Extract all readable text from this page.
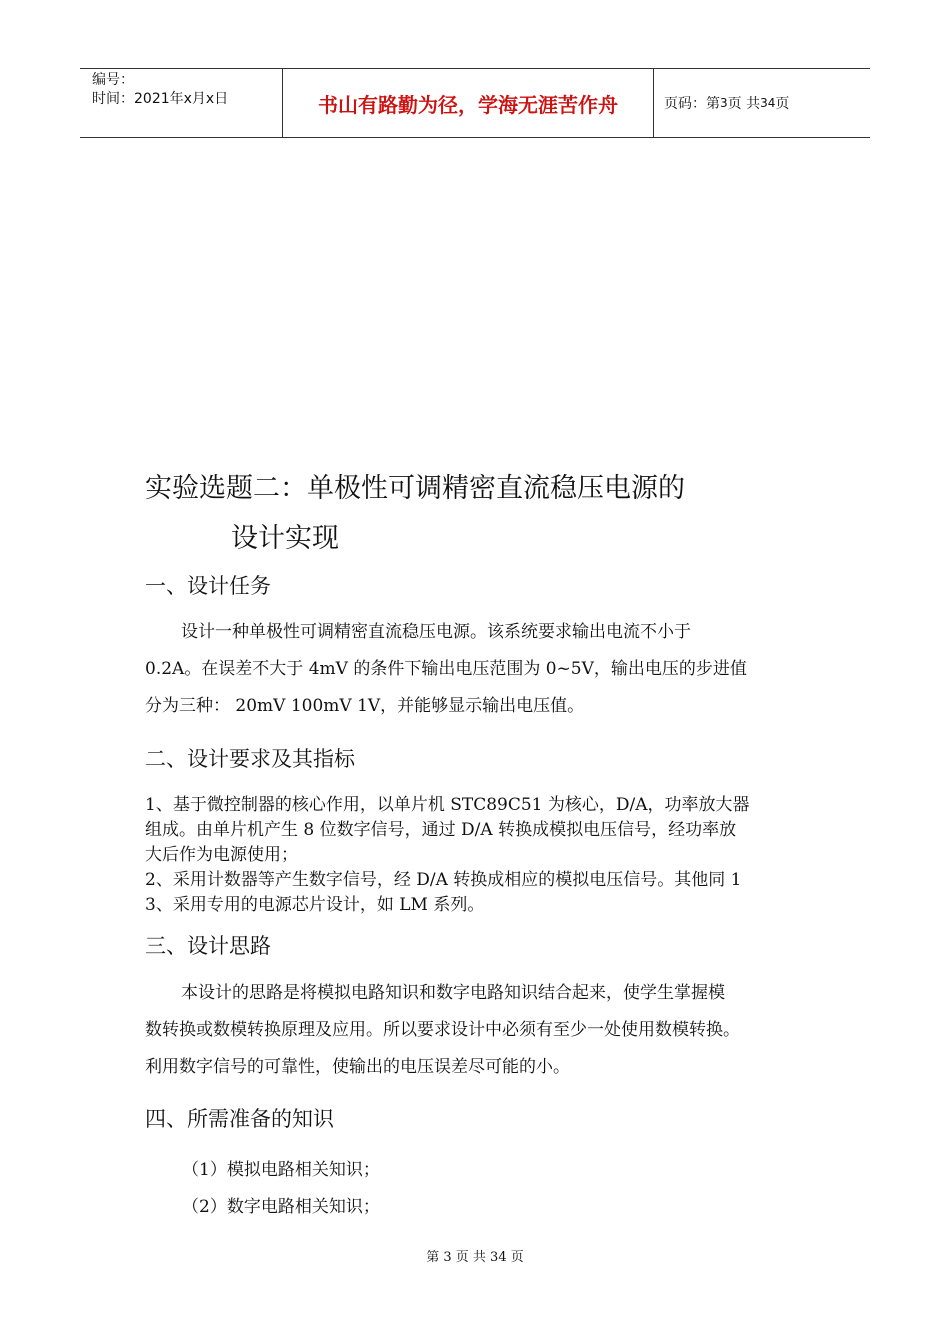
编号：
时间：2021年x月x日	书山有路勤为径，学海无涯苦作舟	页码：第 3 页 共 34 页
实验选题二：单极性可调精密直流稳压电源的
设计实现
一、设计任务
设计一种单极性可调精密直流稳压电源。该系统要求输出电流不小于
0.2A。在误差不大于 4mV 的条件下输出电压范围为 0~5V，输出电压的步进值
分为三种： 20mV 100mV 1V，并能够显示输出电压值。
二、设计要求及其指标
1、基于微控制器的核心作用，以单片机 STC89C51 为核心，D/A，功率放大器
组成。由单片机产生 8 位数字信号，通过 D/A 转换成模拟电压信号，经功率放
大后作为电源使用；
2、采用计数器等产生数字信号，经 D/A 转换成相应的模拟电压信号。其他同 1
3、采用专用的电源芯片设计，如 LM 系列。
三、设计思路
本设计的思路是将模拟电路知识和数字电路知识结合起来，使学生掌握模
数转换或数模转换原理及应用。所以要求设计中必须有至少一处使用数模转换。
利用数字信号的可靠性，使输出的电压误差尽可能的小。
四、所需准备的知识
（1）模拟电路相关知识；
（2）数字电路相关知识；
第 3 页 共 34 页
